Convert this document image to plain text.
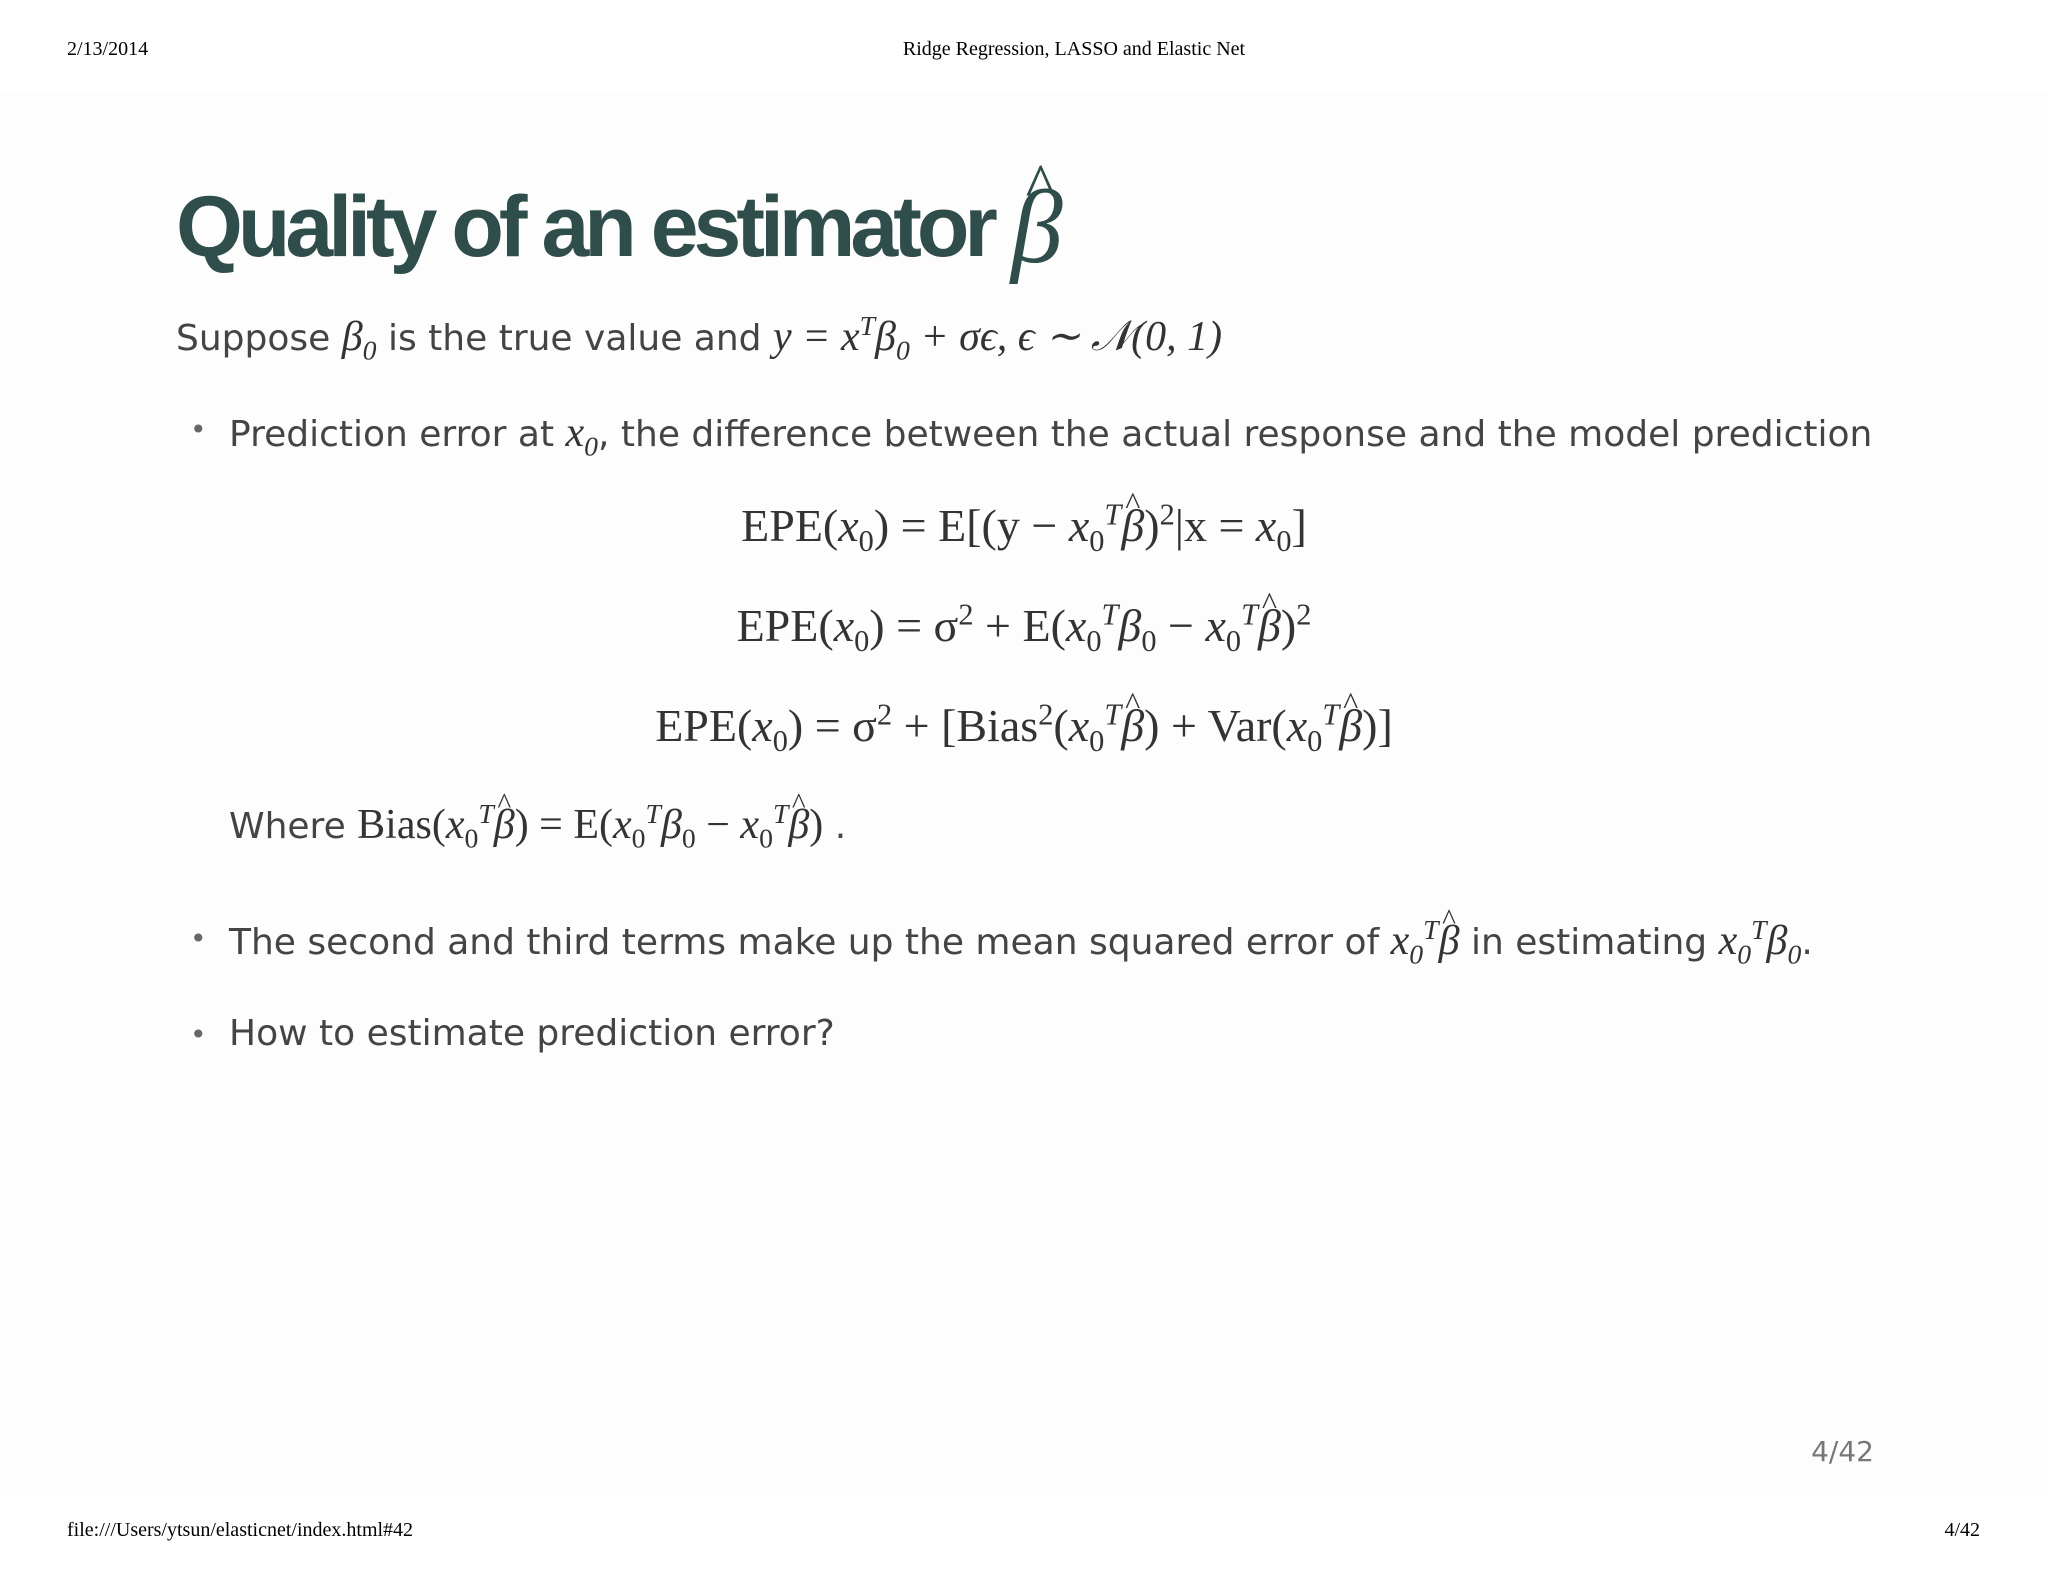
2/13/2014	Ridge Regression, LASSO and Elastic Net
Quality of an estimator^ β
Suppose $\beta_0$ is the true value and $y = x^T\beta_0 + \sigma\epsilon$, ϵ ∼ 𝒩(0, 1)
• Prediction error at $x_0$, the difference between the actual response and the model prediction
$EPE(x_0) = E[(y$ − $x_0^T\^{}$ $\beta)^2|x = x_0$]
$EPE(x_0) = \sigma^2 + E(x_0^T\beta_0$ − $x_0^T\^{}$ β)$^2$
$EPE(x_0) = \sigma^2$ + [$Bias^2(x_0^T\^{}$ $\beta) + Var(x_0^T\^{}$ β)]
Where $Bias(x_0^T\^{}$ $\beta) = E(x_0^T\beta_0$ − $x_0^T\^{}$ β) .
• The second and third terms make up the mean squared error of $x_0^T\^{}$ β in estimating $x_0^T\beta_0$.
• How to estimate prediction error?
4/42
file:///Users/ytsun/elasticnet/index.html#42	4/42
